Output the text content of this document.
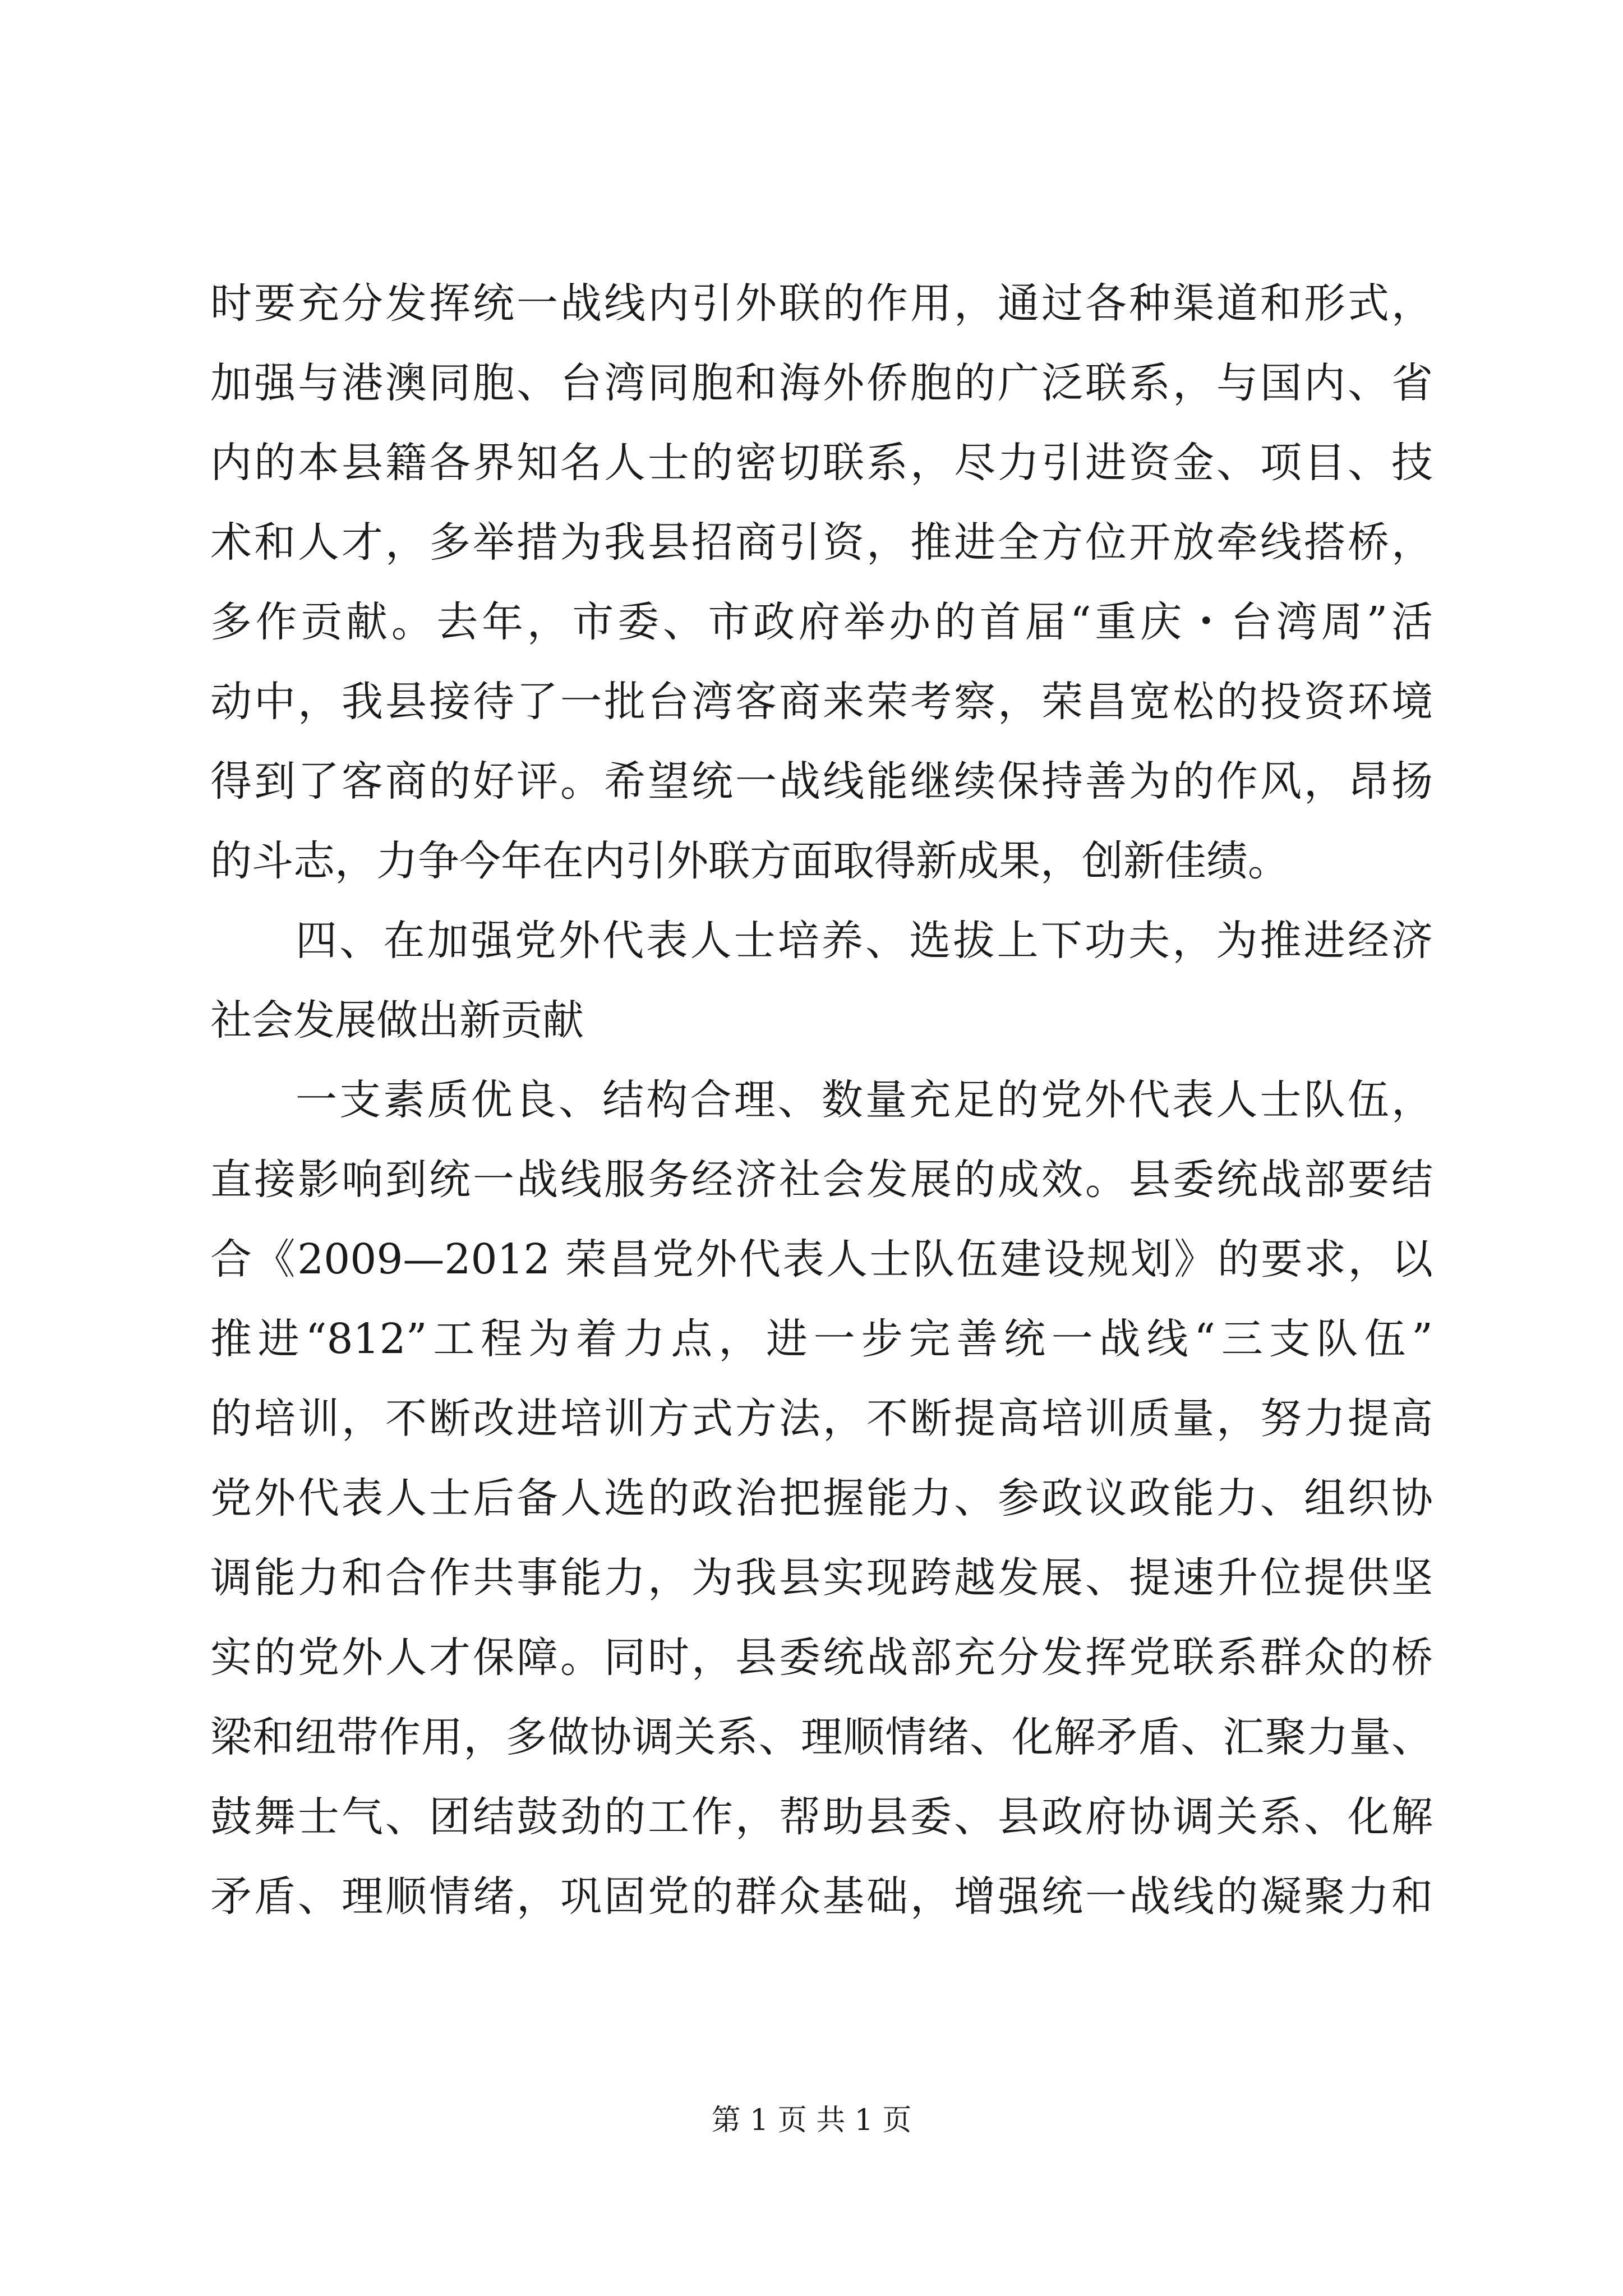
时要充分发挥统一战线内引外联的作用，通过各种渠道和形式，
加强与港澳同胞、台湾同胞和海外侨胞的广泛联系，与国内、省
内的本县籍各界知名人士的密切联系，尽力引进资金、项目、技
术和人才，多举措为我县招商引资，推进全方位开放牵线搭桥，
多作贡献。去年，市委、市政府举办的首届“重庆・台湾周”活
动中，我县接待了一批台湾客商来荣考察，荣昌宽松的投资环境
得到了客商的好评。希望统一战线能继续保持善为的作风，昂扬
的斗志，力争今年在内引外联方面取得新成果，创新佳绩。
四、在加强党外代表人士培养、选拔上下功夫，为推进经济
社会发展做出新贡献
一支素质优良、结构合理、数量充足的党外代表人士队伍，
直接影响到统一战线服务经济社会发展的成效。县委统战部要结
合《2009—2012 荣昌党外代表人士队伍建设规划》的要求，以
推进“812”工程为着力点，进一步完善统一战线“三支队伍”
的培训，不断改进培训方式方法，不断提高培训质量，努力提高
党外代表人士后备人选的政治把握能力、参政议政能力、组织协
调能力和合作共事能力，为我县实现跨越发展、提速升位提供坚
实的党外人才保障。同时，县委统战部充分发挥党联系群众的桥
梁和纽带作用，多做协调关系、理顺情绪、化解矛盾、汇聚力量、
鼓舞士气、团结鼓劲的工作，帮助县委、县政府协调关系、化解
矛盾、理顺情绪，巩固党的群众基础，增强统一战线的凝聚力和
第 1 页 共 1 页
